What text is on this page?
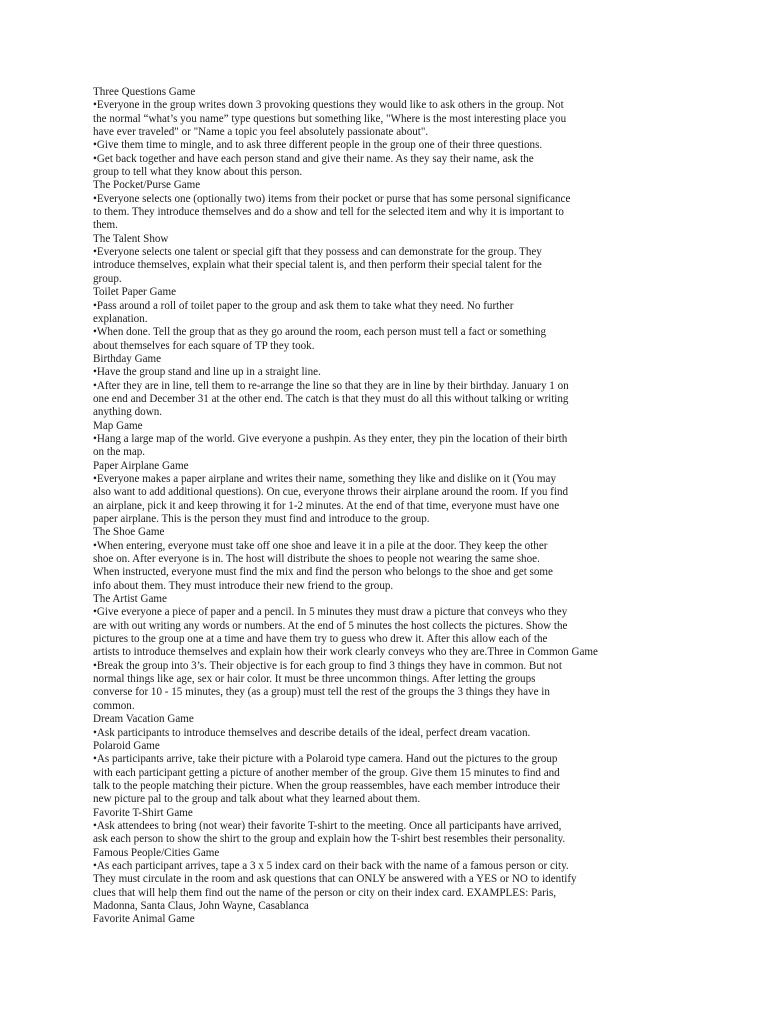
Three Questions Game
•Everyone in the group writes down 3 provoking questions they would like to ask others in the group. Not
the normal “what’s you name” type questions but something like, "Where is the most interesting place you
have ever traveled" or "Name a topic you feel absolutely passionate about".
•Give them time to mingle, and to ask three different people in the group one of their three questions.
•Get back together and have each person stand and give their name. As they say their name, ask the
group to tell what they know about this person.
The Pocket/Purse Game
•Everyone selects one (optionally two) items from their pocket or purse that has some personal significance
to them. They introduce themselves and do a show and tell for the selected item and why it is important to
them.
The Talent Show
•Everyone selects one talent or special gift that they possess and can demonstrate for the group. They
introduce themselves, explain what their special talent is, and then perform their special talent for the
group.
Toilet Paper Game
•Pass around a roll of toilet paper to the group and ask them to take what they need. No further
explanation.
•When done. Tell the group that as they go around the room, each person must tell a fact or something
about themselves for each square of TP they took.
Birthday Game
•Have the group stand and line up in a straight line.
•After they are in line, tell them to re-arrange the line so that they are in line by their birthday. January 1 on
one end and December 31 at the other end. The catch is that they must do all this without talking or writing
anything down.
Map Game
•Hang a large map of the world. Give everyone a pushpin. As they enter, they pin the location of their birth
on the map.
Paper Airplane Game
•Everyone makes a paper airplane and writes their name, something they like and dislike on it (You may
also want to add additional questions). On cue, everyone throws their airplane around the room. If you find
an airplane, pick it and keep throwing it for 1-2 minutes. At the end of that time, everyone must have one
paper airplane. This is the person they must find and introduce to the group.
The Shoe Game
•When entering, everyone must take off one shoe and leave it in a pile at the door. They keep the other
shoe on. After everyone is in. The host will distribute the shoes to people not wearing the same shoe.
When instructed, everyone must find the mix and find the person who belongs to the shoe and get some
info about them. They must introduce their new friend to the group.
The Artist Game
•Give everyone a piece of paper and a pencil. In 5 minutes they must draw a picture that conveys who they
are with out writing any words or numbers. At the end of 5 minutes the host collects the pictures. Show the
pictures to the group one at a time and have them try to guess who drew it. After this allow each of the
artists to introduce themselves and explain how their work clearly conveys who they are.Three in Common Game
•Break the group into 3’s. Their objective is for each group to find 3 things they have in common. But not
normal things like age, sex or hair color. It must be three uncommon things. After letting the groups
converse for 10 - 15 minutes, they (as a group) must tell the rest of the groups the 3 things they have in
common.
Dream Vacation Game
•Ask participants to introduce themselves and describe details of the ideal, perfect dream vacation.
Polaroid Game
•As participants arrive, take their picture with a Polaroid type camera. Hand out the pictures to the group
with each participant getting a picture of another member of the group. Give them 15 minutes to find and
talk to the people matching their picture. When the group reassembles, have each member introduce their
new picture pal to the group and talk about what they learned about them.
Favorite T-Shirt Game
•Ask attendees to bring (not wear) their favorite T-shirt to the meeting. Once all participants have arrived,
ask each person to show the shirt to the group and explain how the T-shirt best resembles their personality.
Famous People/Cities Game
•As each participant arrives, tape a 3 x 5 index card on their back with the name of a famous person or city.
They must circulate in the room and ask questions that can ONLY be answered with a YES or NO to identify
clues that will help them find out the name of the person or city on their index card. EXAMPLES: Paris,
Madonna, Santa Claus, John Wayne, Casablanca
Favorite Animal Game
